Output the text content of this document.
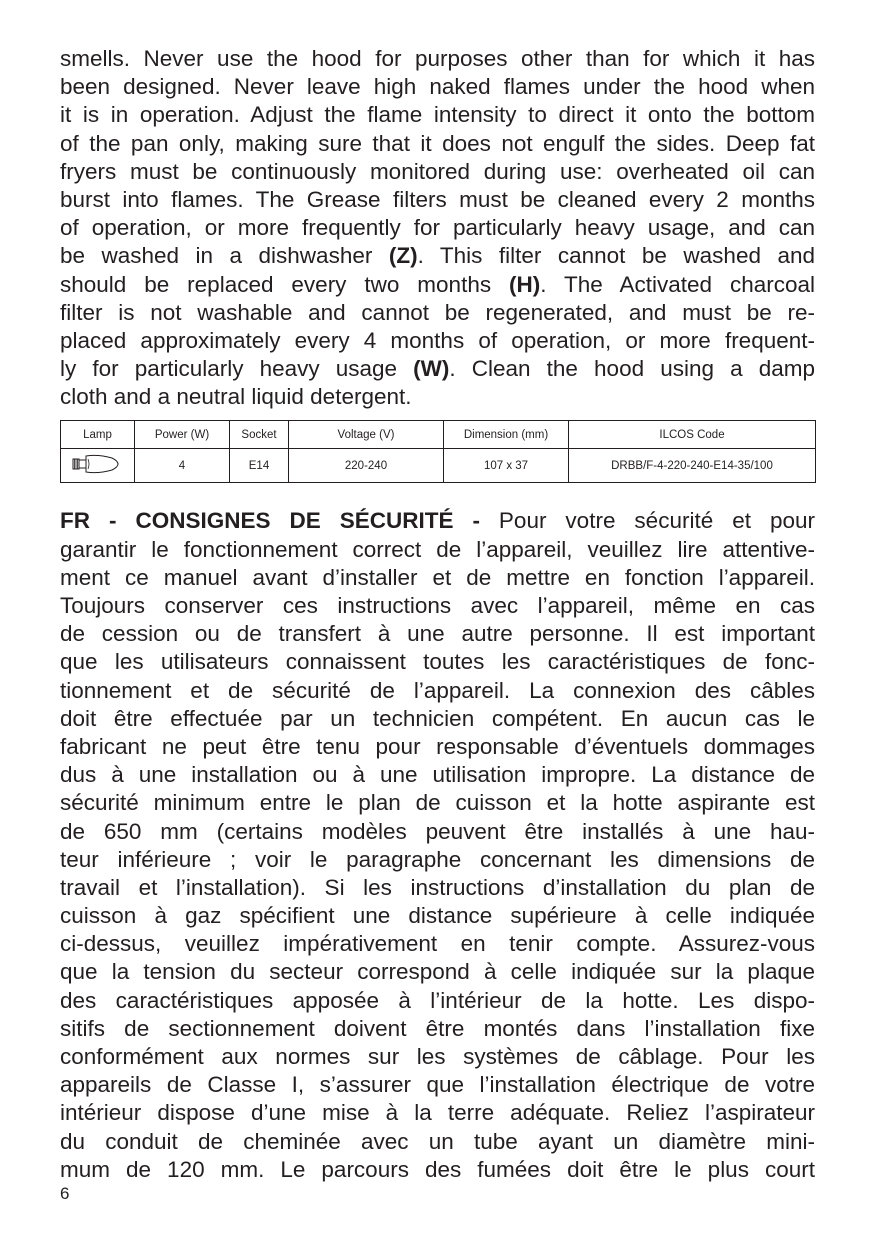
smells. Never use the hood for purposes other than for which it has
been designed. Never leave high naked flames under the hood when
it is in operation. Adjust the flame intensity to direct it onto the bottom
of the pan only, making sure that it does not engulf the sides. Deep fat
fryers must be continuously monitored during use: overheated oil can
burst into flames. The Grease filters must be cleaned every 2 months
of operation, or more frequently for particularly heavy usage, and can
be washed in a dishwasher (Z). This filter cannot be washed and
should be replaced every two months (H). The Activated charcoal
filter is not washable and cannot be regenerated, and must be re-
placed approximately every 4 months of operation, or more frequent-
ly for particularly heavy usage (W). Clean the hood using a damp
cloth and a neutral liquid detergent.
Lamp	Power (W)	Socket	Voltage (V)	Dimension (mm)	ILCOS Code
	4	E14	220-240	107 x 37	DRBB/F-4-220-240-E14-35/100
FR - CONSIGNES DE SÉCURITÉ - Pour votre sécurité et pour
garantir le fonctionnement correct de l’appareil, veuillez lire attentive-
ment ce manuel avant d’installer et de mettre en fonction l’appareil.
Toujours conserver ces instructions avec l’appareil, même en cas
de cession ou de transfert à une autre personne. Il est important
que les utilisateurs connaissent toutes les caractéristiques de fonc-
tionnement et de sécurité de l’appareil. La connexion des câbles
doit être effectuée par un technicien compétent. En aucun cas le
fabricant ne peut être tenu pour responsable d’éventuels dommages
dus à une installation ou à une utilisation impropre. La distance de
sécurité minimum entre le plan de cuisson et la hotte aspirante est
de 650 mm (certains modèles peuvent être installés à une hau-
teur inférieure ; voir le paragraphe concernant les dimensions de
travail et l’installation). Si les instructions d’installation du plan de
cuisson à gaz spécifient une distance supérieure à celle indiquée
ci-dessus, veuillez impérativement en tenir compte. Assurez-vous
que la tension du secteur correspond à celle indiquée sur la plaque
des caractéristiques apposée à l’intérieur de la hotte. Les dispo-
sitifs de sectionnement doivent être montés dans l’installation fixe
conformément aux normes sur les systèmes de câblage. Pour les
appareils de Classe I, s’assurer que l’installation électrique de votre
intérieur dispose d’une mise à la terre adéquate. Reliez l’aspirateur
du conduit de cheminée avec un tube ayant un diamètre mini-
mum de 120 mm. Le parcours des fumées doit être le plus court
6
